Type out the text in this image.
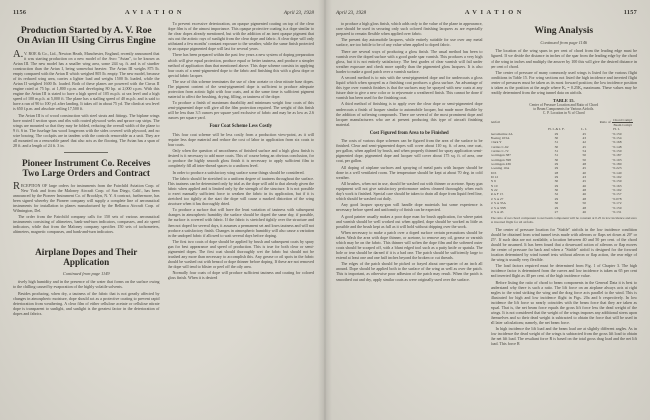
1156	AVIATION	April 23, 1928
Production Started by A. V. Roe
On Avian III Using Cirrus Engine

A.V. ROE & Co., Ltd., Newton Heath, Manchester, England, recently announced that it was starting production on a new model of the Avro "Avian", to be known as Avian III. The new model has a smaller wing area, some 244 sq. ft. and is of sturdier construction than the Avian I, being somewhat heavier. The Avian III weighs 875 lb. empty compared with the Avian II which weighed 805 lb. empty. The new model, because of its reduced wing area, carries a lighter load and weighs 1500 lb. loaded, while the Avian II weighed 1600 lb. loaded. Both of these planes are powered with the Cirrus II engine rated at 75 hp. at 1,800 r.p.m. and developing 80 hp. at 2,000 r.p.m. With this engine the Avian III is stated to have a high speed of 105 m.p.h. at sea level and a high speed of 100 m.p.h. at 5,000 ft. The plane has a stalling speed of 40 m.p.h. and is said to have a run of 90 to 100 yd. after landing. It takes off in about 75 yd. The climb at sea level is 650 f.p.m. and absolute ceiling 17,500 ft.

The Avian III is of wood construction with steel struts and fittings. The biplane wings have routed I section spars and ribs with routed plywood webs and spruce cap strips. The wings are mounted so that they may be folded, reducing the overall width of the plane to 9 ft. 6 in. The fuselage has wood longerons with the sides covered with plywood, and no wire bracing. The cockpits are in tandem with the controls removable as a unit. They are all mounted on a removable panel that also acts as the flooring. The Avian has a span of 28 ft. and a length of 24 ft. 3 in.

Pioneer Instrument Co. Receives
Two Large Orders and Contract

RECEPTION OF large orders for instruments from the Fairchild Aviation Corp. of New York and from the Maloney Aircraft Corp. of San Diego, Calif., has been announced by the Pioneer Instrument Co. of Brooklyn, N. Y. A contract, furthermore, has been signed whereby the Pioneer company will supply a complete line of aeronautical instruments for installation in planes manufactured by the Bellanca Aircraft Corp. of Wilmington, Del.

The order from the Fairchild company calls for 150 sets of various aeronautical instruments consisting of altimeters, bank-and-turn indicators, compasses, and air speed indicators, while that from the Maloney company specifies 150 sets of tachometers, altimeters, magnetic compasses, and bank-and-turn indicators.

Airplane Dopes and Their
Application
Continued from page 1149

tively high humidity and in the presence of the water that forms on the surface owing to the chilling caused by evaporation of the highly volatile solvents.

Besides producing, when dry, a tautness of the fabric that is not greatly affected by changes in atmospheric moisture, dope should act as a protective coating to prevent rapid deterioration from weathering. A clear film of either cellulose acetate or cellulose nitrate dope is transparent to sunlight, and sunlight is the greatest factor in the deterioration of dopes and fabrics.

To prevent excessive deterioration, an opaque pigmented coating on top of the clear dope film is of the utmost importance. This opaque protective coating is a dope similar to the clear dopes already mentioned, but with the addition of an inert opaque pigment that cuts out the actinic rays of sunlight from the clear dope and fabric. A clear dope will only withstand a few months' constant exposure to the weather, while the same finish protected by an opaque pigmented dope will last for several years.

There has been prepared within the past few years a new system of doping preparation which will give equal protection, produce equal or better tautness, and produce a simpler method of application than that mentioned above. This dope scheme consists in applying four coats of a semi-pigmented dope to the fabric and finishing this with a gloss dope or special fabric lacquer.

The use of this scheme terminates the use of clear acetate or clear nitrate base dopes. The pigment content of the semi-pigmented dope is sufficient to produce adequate protection from actinic light with four coats, and at the same time is sufficient pigment material to affect the brushing, drying, filling, or tautness of the dope.

To produce a finish of maximum durability and minimum weight four coats of this semi-pigmented dope will give all the film protection required. The weight of this finish will be less than 3.5 ounces per square yard exclusive of fabric and may be as low as 2.6 ounces per square yard.

Four Coat Scheme Less Costly

This four coat scheme will be less costly from a production view-point, as it will require less dope material and reduce the cost of labor in application from six coats to four coats.

Only when the question of smoothness of finished surface and a high gloss finish is desired is it necessary to add more coats. This of course being an obvious conclusion, for to produce the highly smooth gloss finish it is necessary to apply sufficient film to completely fill all inter-thread spaces to a uniform level.

In order to produce a satisfactory wing surface some things should be considered.

The fabric should be stretched to a uniform degree of tautness throughout the surface. This tautness can be determined only by trial as the dope will add to that already given the fabric when applied and is limited only by the strength of the structure. It is not possible to exert manually sufficient force to weaken the fabric in its application, but if it is stretched too tightly at the start the dope will cause a marked distortion of the wing structure when it has thoroughly dried.

To produce a surface that will have the least variation of tautness with subsequent changes in atmospheric humidity the surface should be doped the same day, if possible, the surface is covered with fabric. If the fabric is stretched tightly over the structure and then not doped for several days, it assumes a permanent set and loses tautness and will not produce a satisfactory finish. Changes in atmospheric humidity will also cause a variation in the undoped fabric if allowed to wait several days before doping.

The first two coats of dope should be applied by brush and subsequent coats by spray gun for best appearance and speed of production. This is true for both clear or semi-pigmented dopes. The first coat should thoroughly wet the fabric but should not be brushed any more than necessary to accomplish this. Any grease or oil spots in the fabric should be washed out with benzol or dope thinner before doping. If these are not removed the dope will tend to blister or peel off the oily area.

Normally four coats of dope will produce sufficient tautness and coating for colored gloss finish. When it is desired

April 23, 1928	AVIATION	1157

to produce a high gloss finish, which adds only to the value of the plane in appearance, care should be used in securing only such colored finishing lacquers as are especially prepared to remain flexible when applied over fabric.

The present day automobile lacquers, while entirely suitable for use over any metal surface, are too brittle to be of any value when applied to doped fabric.

There are several ways of producing a gloss finish. The usual method has been to varnish over the doped surface with a good grade spar varnish. This produces a very high gloss, but it is not entirely satisfactory. The best grades of clear varnish will fail under weather exposure and check more rapidly than the pigmented gloss lacquers. It is also harder to make a good patch over a varnish surface.

A second method is to mix with the semi-pigmented dope and for undercoats a gloss liquid which when sprayed as a finishing coat produces a gloss surface. An advantage of this type over varnish finishes is that the surfaces may be sprayed with new coats at any future date to give a new color or to rejuvenate a weathered finish. This cannot be done if varnish has been used for the finishing coat.

A third method of finishing is to apply over the clear dope or semi-pigmented dope undercoats a finish of lacquer similar to automobile lacquer, but made more flexible by the addition of softening compounds. There are several of the most prominent dope and lacquer manufacturers who are at present producing this type of aircraft finishing material.

Cost Figured from Area to be Finished

The costs of various dope schemes can be figured from the area of the surface to be finished. Clear and semi-pigmented dopes will cover about 110 sq. ft. of area, one coat, per gallon, when applied by brush, and when properly thinned for spray application semi-pigmented dope, pigmented dope and lacquer will cover about 175 sq. ft. of area, one coat, per gallon.

All doping of airplane surfaces and spraying of metal parts with lacquer should be done in a well ventilated room. The temperature should be kept at about 70 deg. in cold weather.

All brushes, when not in use, should be washed out with thinner or acetone. Spray gun equipment will not give satisfactory performance unless cleaned thoroughly when each day's work is finished. Special care should be taken to drain all dope from liquid feed line, which should be washed out daily.

Any good lacquer spray-gun will handle dope materials but some experience is necessary before speed and uniformity of finish can be expected.

A good painter usually makes a poor dope man for brush application, for where paint and varnish should be well worked out when applied, dope should be worked as little as possible and the brush kept as full as it will hold without dripping over the work.

When necessary to make a patch over a doped surface certain precautions should be taken. Wash the area with dope thinner, or acetone, to remove any oil, grease or varnish which may be on the fabric. This thinner will soften the dope film and the softened outer coats should be scraped off, with a blunt edged tool such as a putty knife or spatula. The hole or tear should be darned if it is a bad one. The patch should be sufficiently large to extend at least one and one half inches beyond the broken or cut threads.

The edges of the patch should be picked or frayed about one-quarter of an inch all around. Dope should be applied both to the surface of the wing as well as over the patch. This is important, as otherwise poor adhesion of the patch may result. When the patch is smoothed out and dry, apply similar coats as were originally used over the surface.

Wing Analysis
Continued from page 1146

The location of the wing spars in per cent of chord from the leading edge must be figured. If we divide the distance in inches of the spar from the leading edge by the chord of the wing in inches and multiply the answer by 100 this will give the desired distance in per cent of chord.

The center of pressure of many commonly used wings is listed for the various flight conditions in Table 15. For wing sections not listed the high incidence and inverted flight center of pressures must be taken as its most forward position; the low incidence position is taken as the position at the angle where Kᵧ = 0.25Kₓ maximum. These values may be readily determined from the wing tunnel data on airfoils.

TABLE 15.
Center of Pressure Location and Ratio of Chord
to Beam Components for Various Airfoils.
C. P. Location in % of Chord
Airfoil			Ratio of $\frac{\text{Chord Comp't}}{\text{Beam Comp't}}$

	H. I. & I. F.	L. I.	H. I.
Aeromarine 2A	29	45	−0.159
Boeing 103A	30	43	−0.154
Clark Y	31	42	−0.168
Curtiss C-62	30	45	−0.148
Curtiss C-72	31	54	−0.150
Gottingen 387	31	50	−0.187
Gottingen 398	30	50	−0.193
Gottingen 436	29	48	−0.180
Loening 10A	29	45	−0.223
M 6	28	40	−0.140
M 12	29	43	−0.192
N 9	30	45	−0.159
N 10	29	46	−0.163
N 22	30	48	−0.192
R A F 15	32	46	−0.157
U S A 27	29	48	−0.078
U S A 35A	30	50	−0.172
U S A 35B	29	48	−0.159
U S A 45	27	46	−0.131
The ratio of net chord component to net beam component will be constant at 0.25 in low incidence and zero in inverted flight for all airfoils.

The center of pressure location for "Stable" airfoils in the low incidence condition should be obtained from wind tunnel tests made with ailerons or flaps set down at 20° or 25°. If such data are not available, a location between 40 and 50 per cent. of the chord should be assumed. It has been found that a downward action of ailerons or flap moves the center of pressure far back and when a "Stable" airfoil is designed for the forward location determined by wind tunnel tests without aileron or flap action, the rear edge of the wing is usually very flexible.

The load factors required must be determined from Fig. 1 of Chapter 3. The high incidence factor is determined from the curves and low incidence is taken as 65 per cent and inverted flight as 40 per cent. of the high incidence value.

Before listing the ratio of chord to beam components in the General Data it is best to understand why there is such a ratio. The lift force on an airplane always acts at right angles to the wind striking the wing and the drag force acts parallel to the wind. This is illustrated for high and low incidence flight in Figs. 20a and b respectively. In low incidence the lift force so nearly coincides with the beam force that they are taken as equal. That is, the net beam force equals the gross lift force less the dead weight of the wings. It is not considered that the weight of the wings imposes any additional stress upon themselves and so their dead weight is subtracted to obtain the force that will be used in all later calculations; namely, the net beam force.

In high incidence the lift load and the beam load are at slightly different angles. As in low incidence the dead weight of the wings is subtracted from the gross lift load to obtain the net lift load. The resultant force R is based on the total gross drag load and the net lift load. This force R
